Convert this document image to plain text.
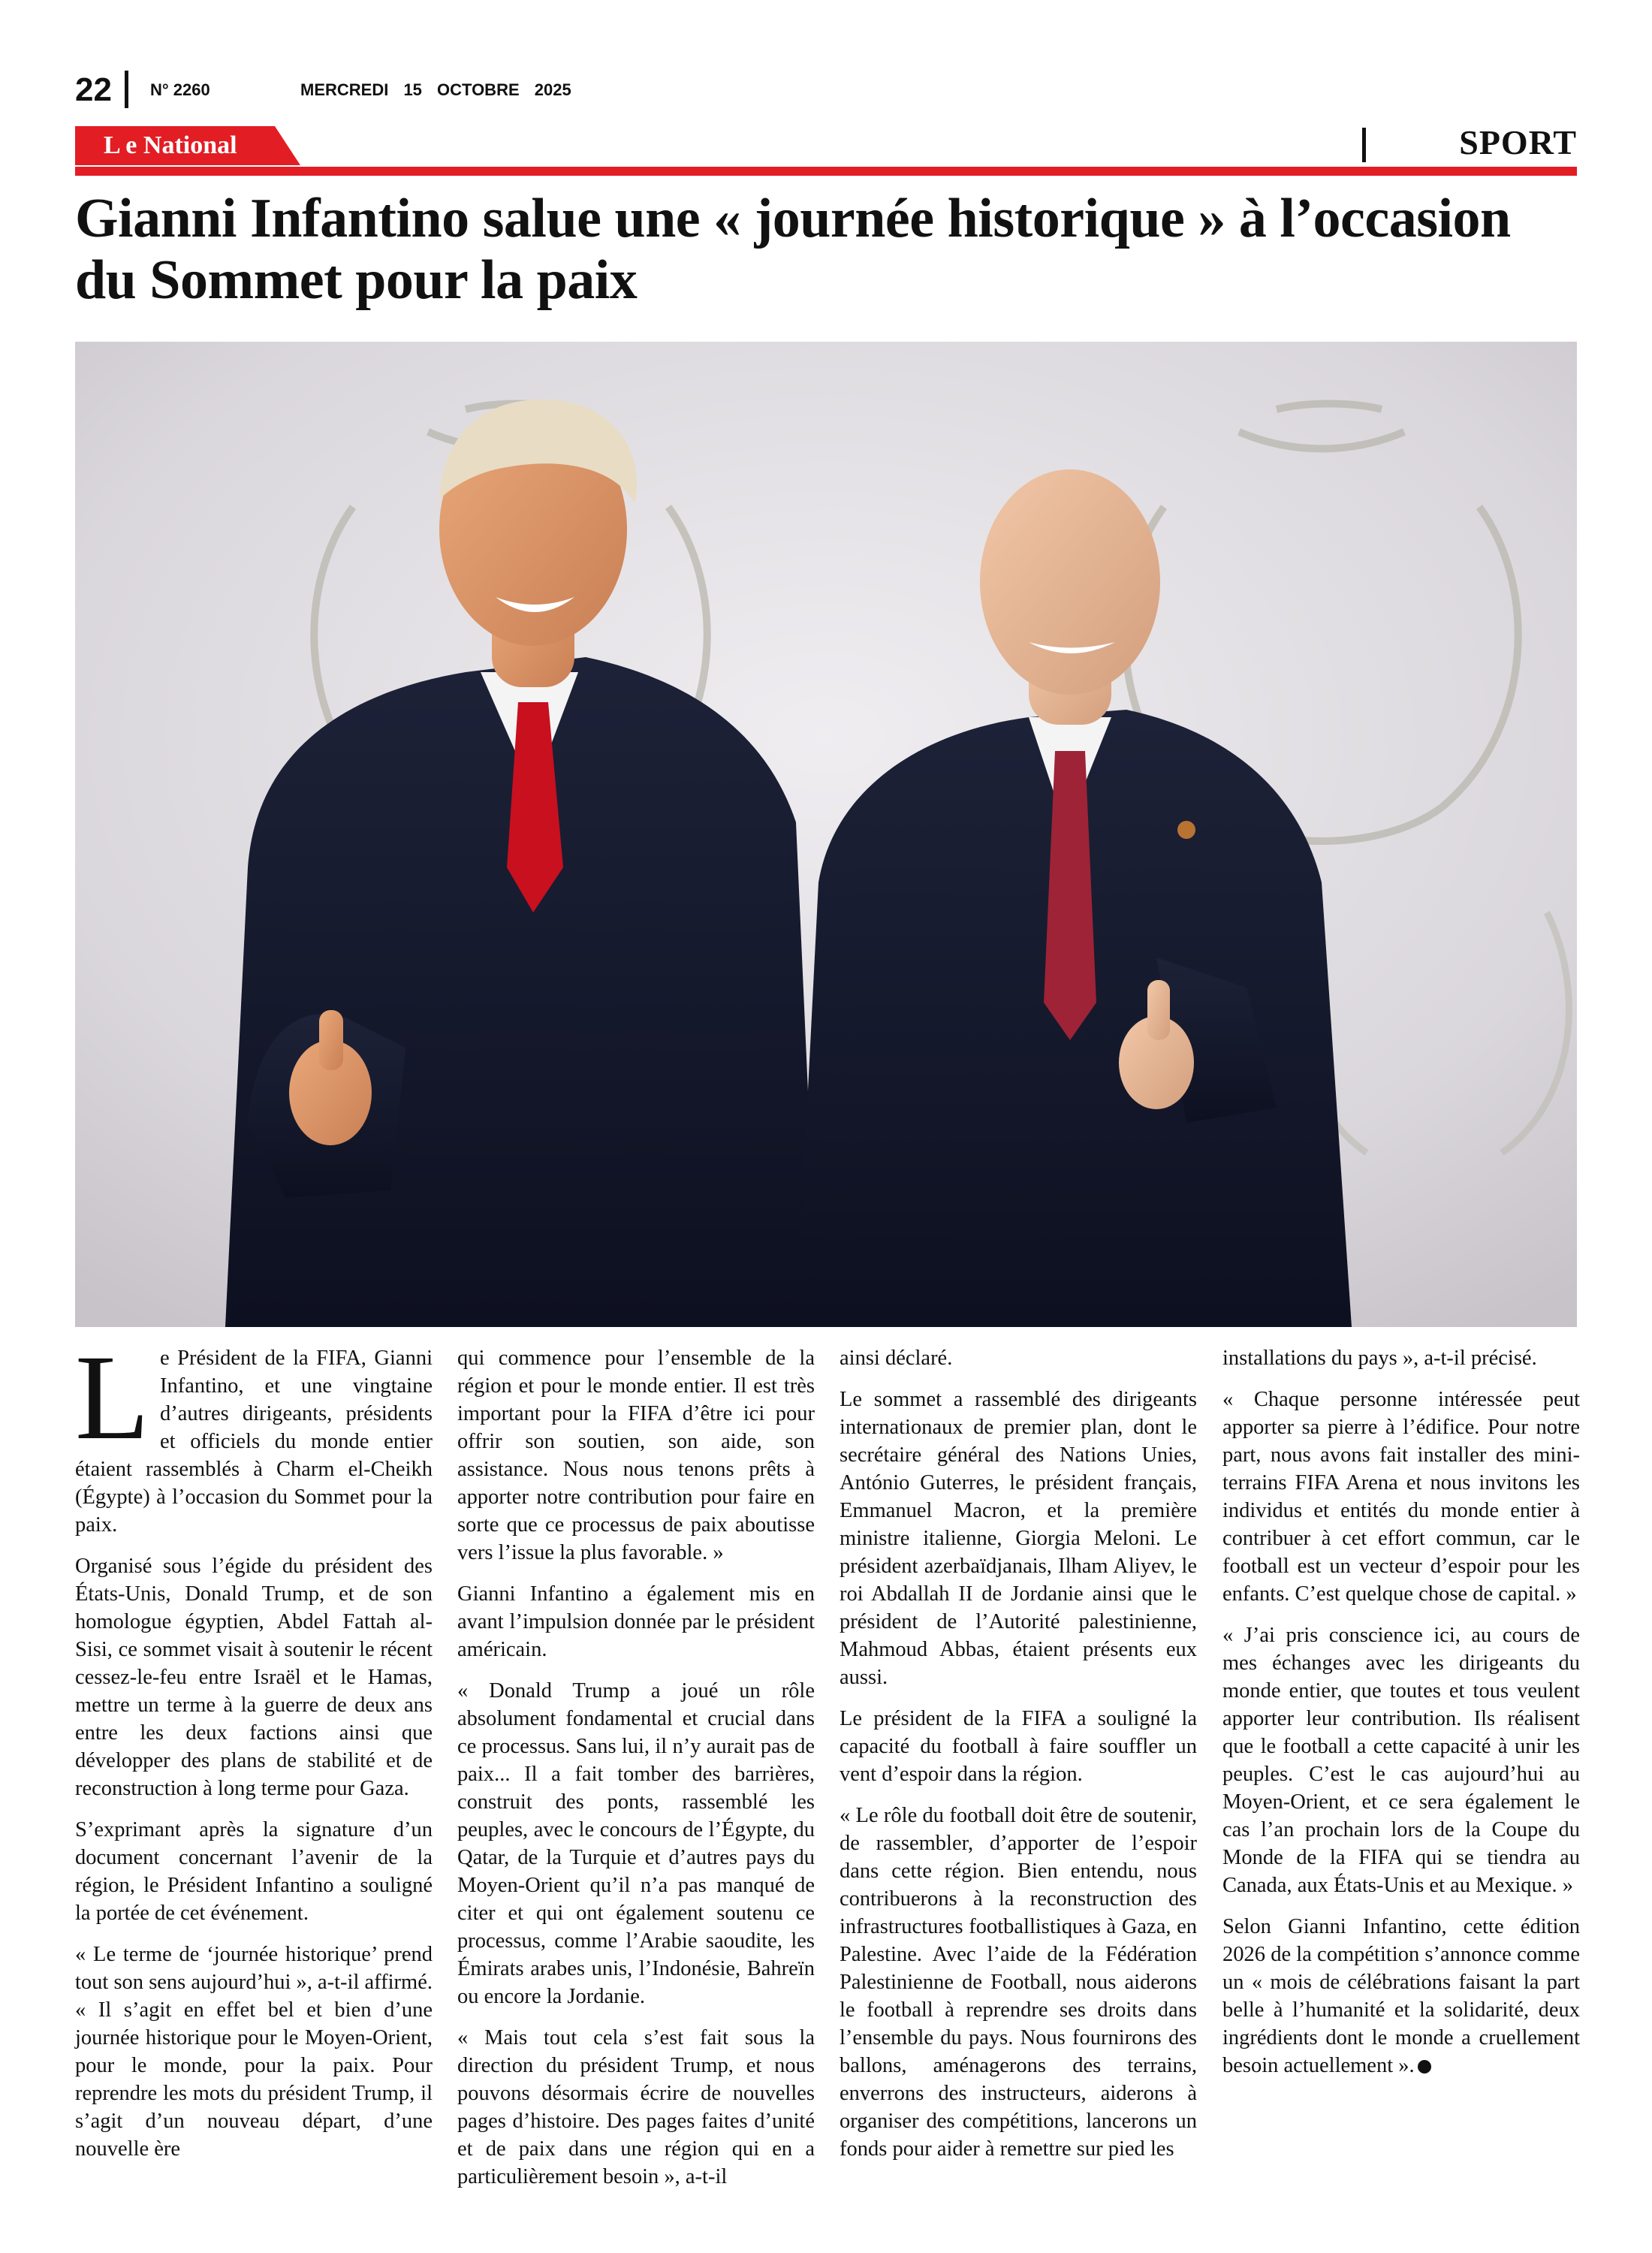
22 N° 2260	MERCREDI 15 OCTOBRE 2025
L e National	SPORT
Gianni Infantino salue une « journée historique » à l’occasion du Sommet pour la paix

Le Président de la FIFA, Gianni Infantino, et une vingtaine d’autres dirigeants, présidents et officiels du monde entier étaient rassemblés à Charm el-Cheikh (Égypte) à l’occasion du Sommet pour la paix.

Organisé sous l’égide du président des États-Unis, Donald Trump, et de son homologue égyptien, Abdel Fattah al-Sisi, ce sommet visait à soutenir le récent cessez-le-feu entre Israël et le Hamas, mettre un terme à la guerre de deux ans entre les deux factions ainsi que développer des plans de stabilité et de reconstruction à long terme pour Gaza.

S’exprimant après la signature d’un document concernant l’avenir de la région, le Président Infantino a souligné la portée de cet événement.

« Le terme de ‘journée historique’ prend tout son sens aujourd’hui », a-t-il affirmé. « Il s’agit en effet bel et bien d’une journée historique pour le Moyen-Orient, pour le monde, pour la paix. Pour reprendre les mots du président Trump, il s’agit d’un nouveau départ, d’une nouvelle ère

qui commence pour l’ensemble de la région et pour le monde entier. Il est très important pour la FIFA d’être ici pour offrir son soutien, son aide, son assistance. Nous nous tenons prêts à apporter notre contribution pour faire en sorte que ce processus de paix aboutisse vers l’issue la plus favorable. »

Gianni Infantino a également mis en avant l’impulsion donnée par le président américain.

« Donald Trump a joué un rôle absolument fondamental et crucial dans ce processus. Sans lui, il n’y aurait pas de paix... Il a fait tomber des barrières, construit des ponts, rassemblé les peuples, avec le concours de l’Égypte, du Qatar, de la Turquie et d’autres pays du Moyen-Orient qu’il n’a pas manqué de citer et qui ont également soutenu ce processus, comme l’Arabie saoudite, les Émirats arabes unis, l’Indonésie, Bahreïn ou encore la Jordanie.

« Mais tout cela s’est fait sous la direction du président Trump, et nous pouvons désormais écrire de nouvelles pages d’histoire. Des pages faites d’unité et de paix dans une région qui en a particulièrement besoin », a-t-il

ainsi déclaré.

Le sommet a rassemblé des dirigeants internationaux de premier plan, dont le secrétaire général des Nations Unies, António Guterres, le président français, Emmanuel Macron, et la première ministre italienne, Giorgia Meloni. Le président azerbaïdjanais, Ilham Aliyev, le roi Abdallah II de Jordanie ainsi que le président de l’Autorité palestinienne, Mahmoud Abbas, étaient présents eux aussi.

Le président de la FIFA a souligné la capacité du football à faire souffler un vent d’espoir dans la région.

« Le rôle du football doit être de soutenir, de rassembler, d’apporter de l’espoir dans cette région. Bien entendu, nous contribuerons à la reconstruction des infrastructures footballistiques à Gaza, en Palestine. Avec l’aide de la Fédération Palestinienne de Football, nous aiderons le football à reprendre ses droits dans l’ensemble du pays. Nous fournirons des ballons, aménagerons des terrains, enverrons des instructeurs, aiderons à organiser des compétitions, lancerons un fonds pour aider à remettre sur pied les

installations du pays », a-t-il précisé.

« Chaque personne intéressée peut apporter sa pierre à l’édifice. Pour notre part, nous avons fait installer des mini-terrains FIFA Arena et nous invitons les individus et entités du monde entier à contribuer à cet effort commun, car le football est un vecteur d’espoir pour les enfants. C’est quelque chose de capital. »

« J’ai pris conscience ici, au cours de mes échanges avec les dirigeants du monde entier, que toutes et tous veulent apporter leur contribution. Ils réalisent que le football a cette capacité à unir les peuples. C’est le cas aujourd’hui au Moyen-Orient, et ce sera également le cas l’an prochain lors de la Coupe du Monde de la FIFA qui se tiendra au Canada, aux États-Unis et au Mexique. »

Selon Gianni Infantino, cette édition 2026 de la compétition s’annonce comme un « mois de célébrations faisant la part belle à l’humanité et la solidarité, deux ingrédients dont le monde a cruellement besoin actuellement ».
